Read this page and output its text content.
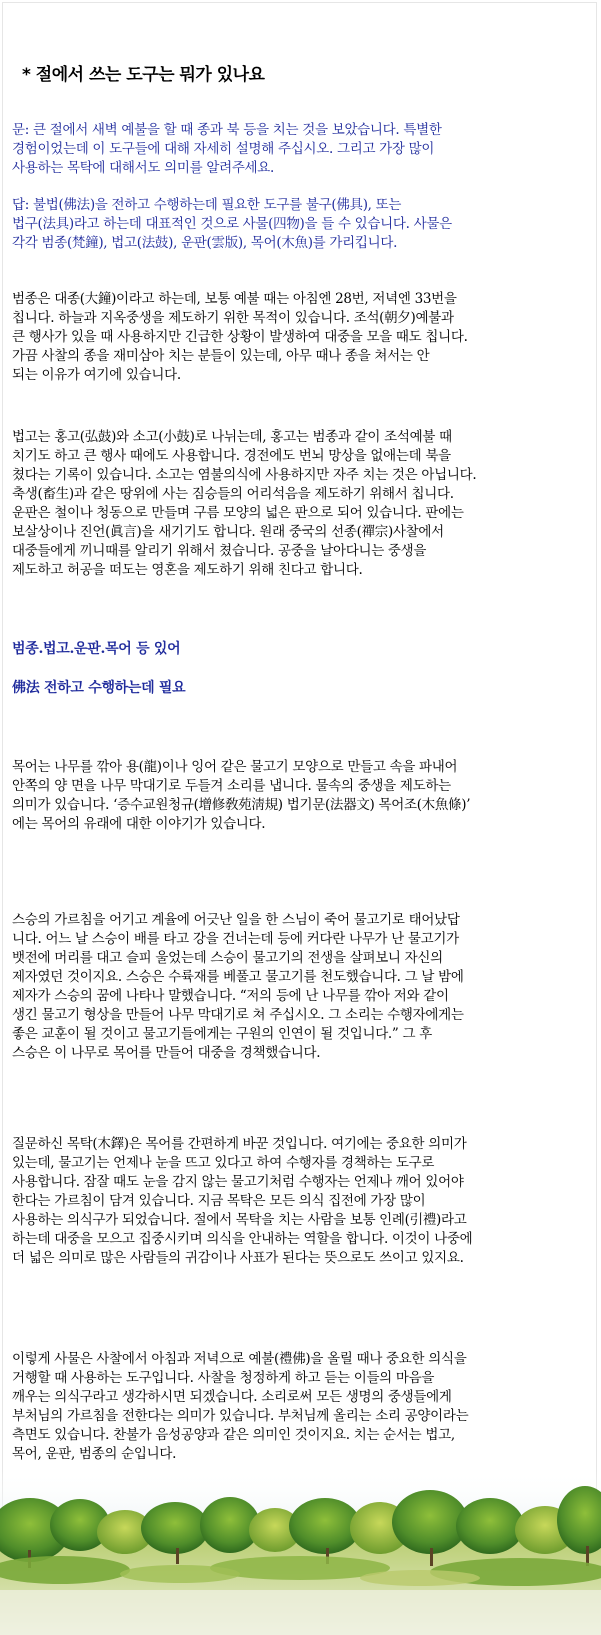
* 절에서 쓰는 도구는 뭐가 있나요
문: 큰 절에서 새벽 예불을 할 때 종과 북 등을 치는 것을 보았습니다. 특별한
경험이었는데 이 도구들에 대해 자세히 설명해 주십시오. 그리고 가장 많이
사용하는 목탁에 대해서도 의미를 알려주세요.
답: 불법(佛法)을 전하고 수행하는데 필요한 도구를 불구(佛具), 또는
법구(法具)라고 하는데 대표적인 것으로 사물(四物)을 들 수 있습니다. 사물은
각각 범종(梵鐘), 법고(法鼓), 운판(雲版), 목어(木魚)를 가리킵니다.
범종은 대종(大鐘)이라고 하는데, 보통 예불 때는 아침엔 28번, 저녁엔 33번을
칩니다. 하늘과 지옥중생을 제도하기 위한 목적이 있습니다. 조석(朝夕)예불과
큰 행사가 있을 때 사용하지만 긴급한 상황이 발생하여 대중을 모을 때도 칩니다.
가끔 사찰의 종을 재미삼아 치는 분들이 있는데, 아무 때나 종을 쳐서는 안
되는 이유가 여기에 있습니다.
법고는 홍고(弘鼓)와 소고(小鼓)로 나뉘는데, 홍고는 범종과 같이 조석예불 때
치기도 하고 큰 행사 때에도 사용합니다. 경전에도 번뇌 망상을 없애는데 북을
쳤다는 기록이 있습니다. 소고는 염불의식에 사용하지만 자주 치는 것은 아닙니다.
축생(畜生)과 같은 땅위에 사는 짐승들의 어리석음을 제도하기 위해서 칩니다.
운판은 철이나 청동으로 만들며 구름 모양의 넓은 판으로 되어 있습니다. 판에는
보살상이나 진언(眞言)을 새기기도 합니다. 원래 중국의 선종(禪宗)사찰에서
대중들에게 끼니때를 알리기 위해서 쳤습니다. 공중을 날아다니는 중생을
제도하고 허공을 떠도는 영혼을 제도하기 위해 친다고 합니다.
범종.법고.운판.목어 등 있어
佛法 전하고 수행하는데 필요
목어는 나무를 깎아 용(龍)이나 잉어 같은 물고기 모양으로 만들고 속을 파내어
안쪽의 양 면을 나무 막대기로 두들겨 소리를 냅니다. 물속의 중생을 제도하는
의미가 있습니다. ‘증수교원청규(增修敎苑淸規) 법기문(法器文) 목어조(木魚條)’
에는 목어의 유래에 대한 이야기가 있습니다.
스승의 가르침을 어기고 계율에 어긋난 일을 한 스님이 죽어 물고기로 태어났답
니다. 어느 날 스승이 배를 타고 강을 건너는데 등에 커다란 나무가 난 물고기가
뱃전에 머리를 대고 슬피 울었는데 스승이 물고기의 전생을 살펴보니 자신의
제자였던 것이지요. 스승은 수륙재를 베풀고 물고기를 천도했습니다. 그 날 밤에
제자가 스승의 꿈에 나타나 말했습니다. “저의 등에 난 나무를 깎아 저와 같이
생긴 물고기 형상을 만들어 나무 막대기로 쳐 주십시오. 그 소리는 수행자에게는
좋은 교훈이 될 것이고 물고기들에게는 구원의 인연이 될 것입니다.” 그 후
스승은 이 나무로 목어를 만들어 대중을 경책했습니다.
질문하신 목탁(木鐸)은 목어를 간편하게 바꾼 것입니다. 여기에는 중요한 의미가
있는데, 물고기는 언제나 눈을 뜨고 있다고 하여 수행자를 경책하는 도구로
사용합니다. 잠잘 때도 눈을 감지 않는 물고기처럼 수행자는 언제나 깨어 있어야
한다는 가르침이 담겨 있습니다. 지금 목탁은 모든 의식 집전에 가장 많이
사용하는 의식구가 되었습니다. 절에서 목탁을 치는 사람을 보통 인례(引禮)라고
하는데 대중을 모으고 집중시키며 의식을 안내하는 역할을 합니다. 이것이 나중에
더 넓은 의미로 많은 사람들의 귀감이나 사표가 된다는 뜻으로도 쓰이고 있지요.
이렇게 사물은 사찰에서 아침과 저녁으로 예불(禮佛)을 올릴 때나 중요한 의식을
거행할 때 사용하는 도구입니다. 사찰을 청정하게 하고 듣는 이들의 마음을
깨우는 의식구라고 생각하시면 되겠습니다. 소리로써 모든 생명의 중생들에게
부처님의 가르침을 전한다는 의미가 있습니다. 부처님께 올리는 소리 공양이라는
측면도 있습니다. 찬불가 음성공양과 같은 의미인 것이지요. 치는 순서는 법고,
목어, 운판, 범종의 순입니다.
